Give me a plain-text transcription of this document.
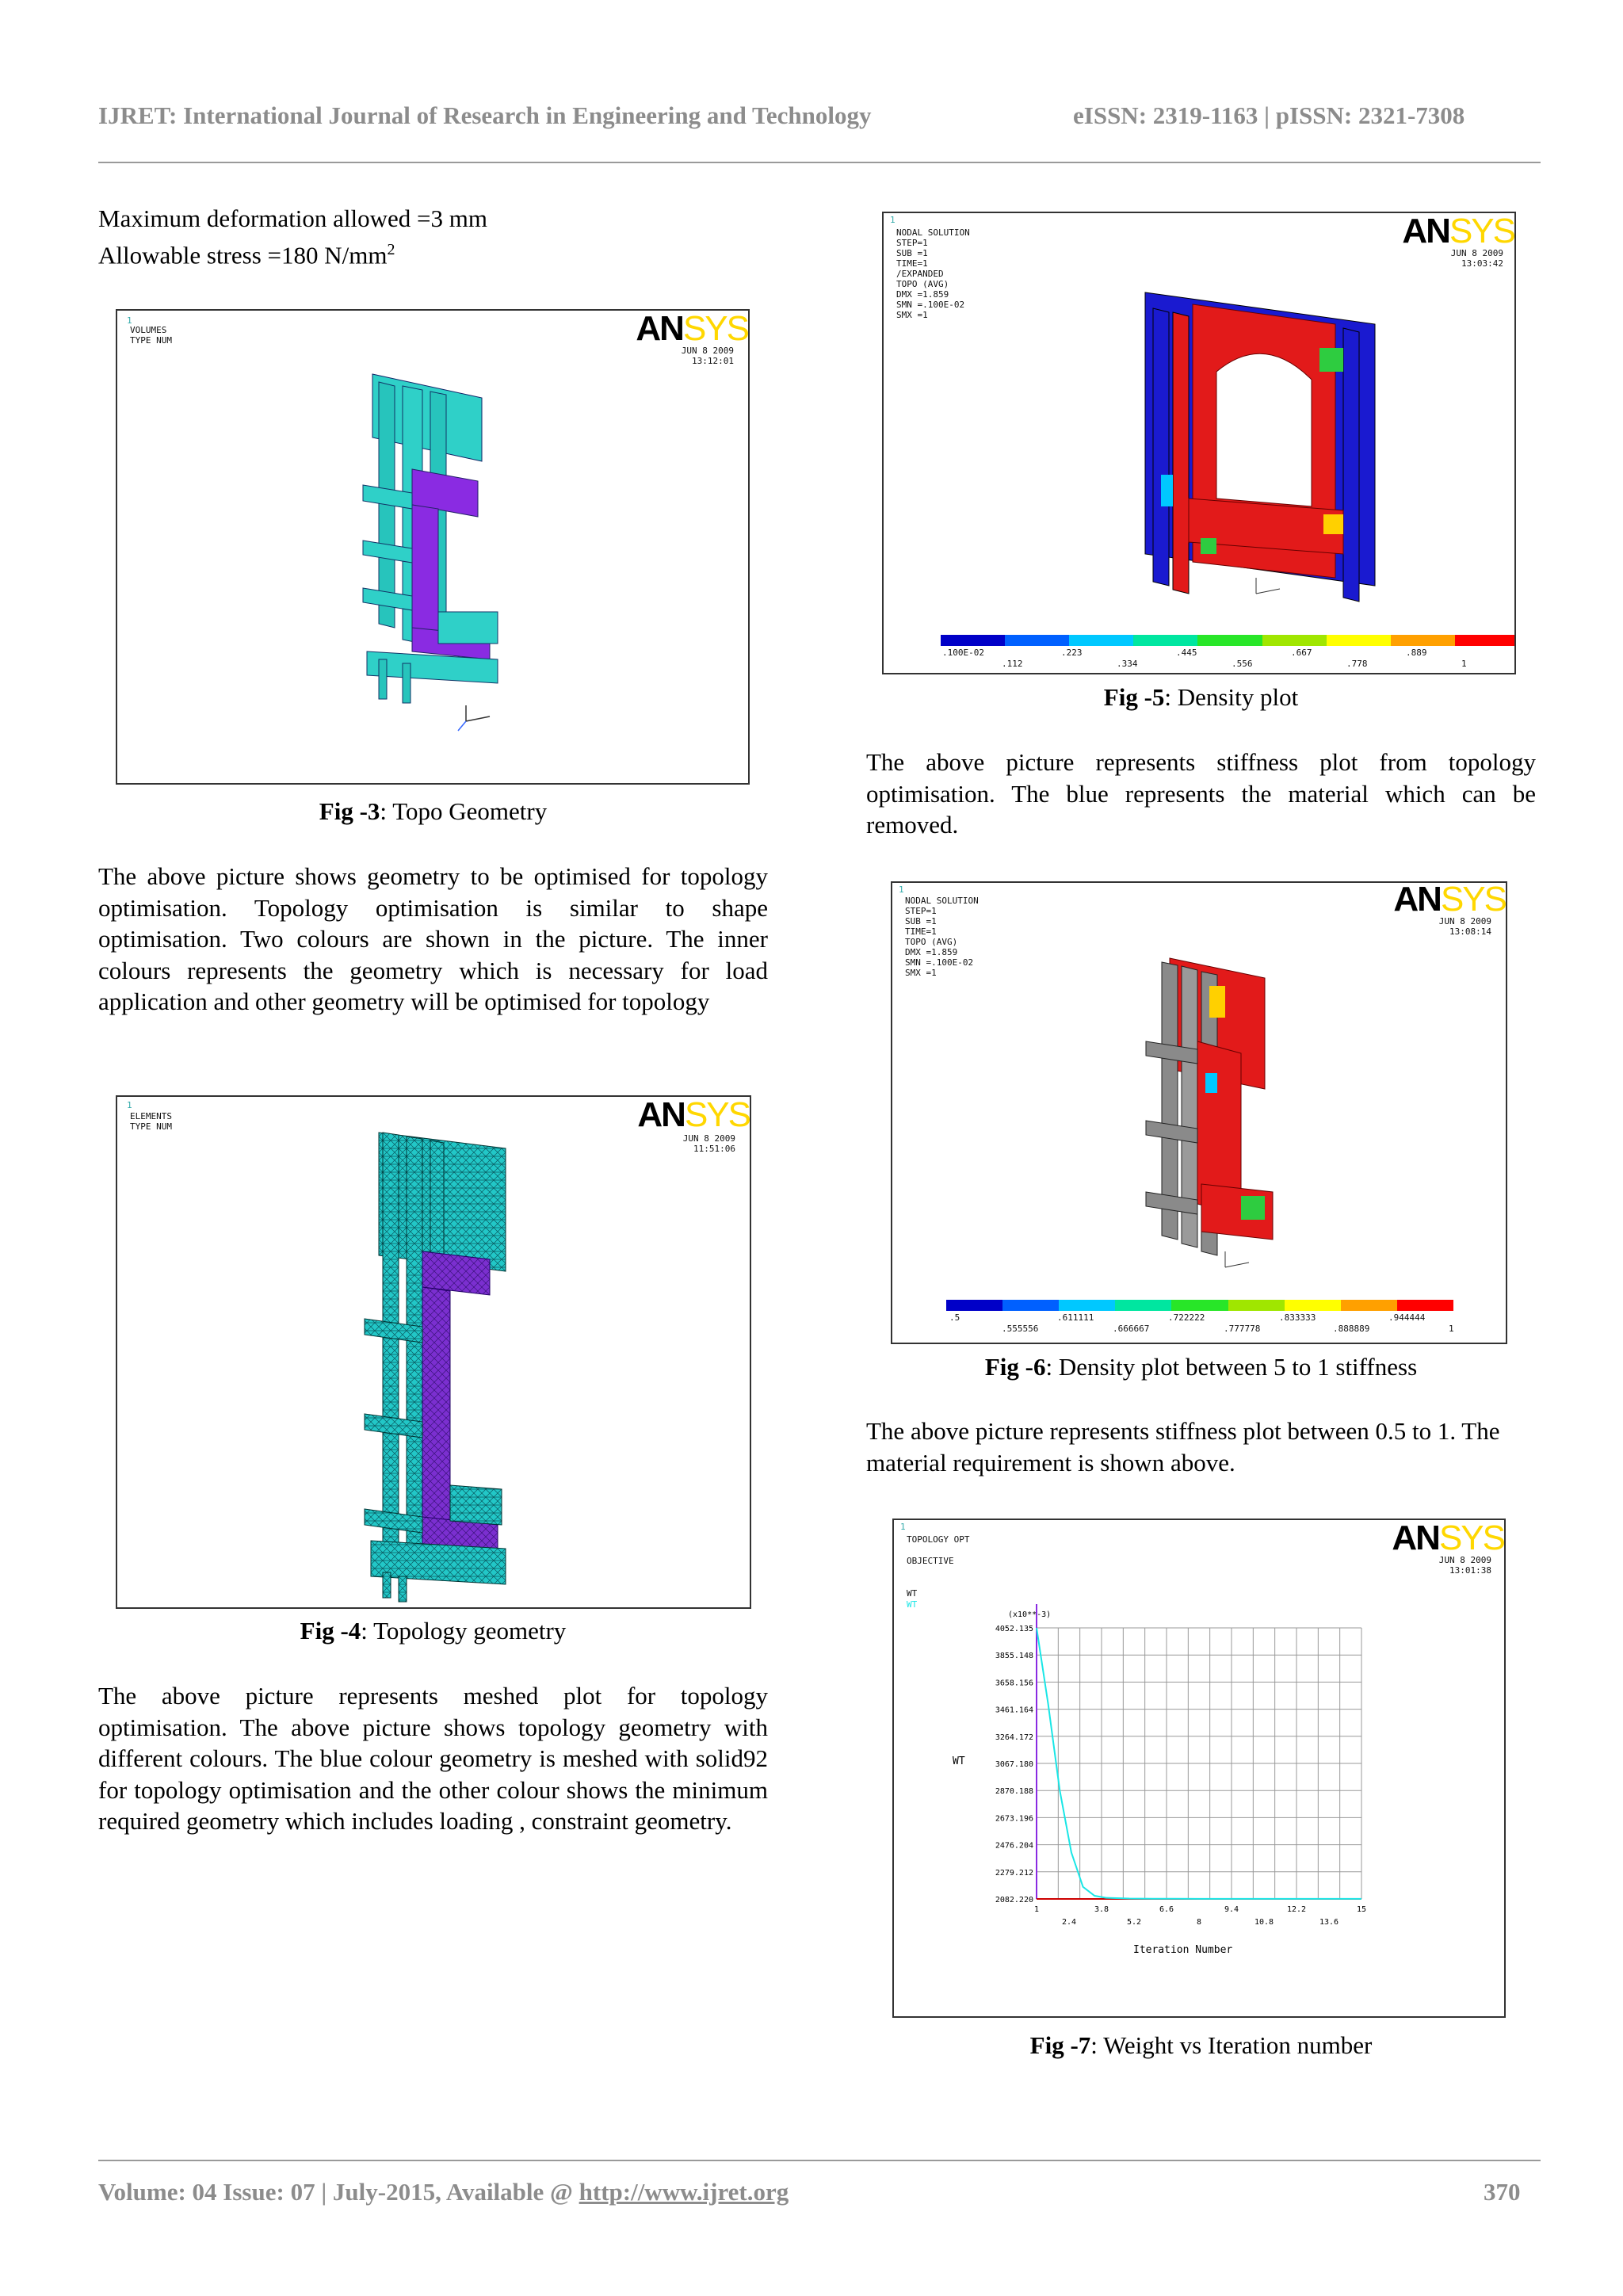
IJRET: International Journal of Research in Engineering and Technology	eISSN: 2319-1163 | pISSN: 2321-7308
Maximum deformation allowed =3 mm
Allowable stress =180 $N/mm^2$
1
VOLUMES
TYPE NUM	ANSYS
JUN 8 2009
13:12:01
Fig -3: Topo Geometry

The above picture shows geometry to be optimised for topology optimisation. Topology optimisation is similar to shape optimisation. Two colours are shown in the picture. The inner colours represents the geometry which is necessary for load application and other geometry will be optimised for topology

1
ELEMENTS
TYPE NUM	ANSYS
JUN 8 2009
11:51:06
Fig -4: Topology geometry

The above picture represents meshed plot for topology optimisation. The above picture shows topology geometry with different colours. The blue colour geometry is meshed with solid92 for topology optimisation and the other colour shows the minimum required geometry which includes loading , constraint geometry.

1
NODAL SOLUTION
STEP=1
SUB =1
TIME=1
/EXPANDED
TOPO (AVG)
DMX =1.859
SMN =.100E-02
SMX =1
ANSYS
JUN 8 2009
13:03:42
.100E-02	.223	.445	.667	.889
.112	.334	.556	.778	1
Fig -5: Density plot

The above picture represents stiffness plot from topology optimisation. The blue represents the material which can be removed.

1
NODAL SOLUTION
STEP=1
SUB =1
TIME=1
TOPO (AVG)
DMX =1.859
SMN =.100E-02
SMX =1
ANSYS
JUN 8 2009
13:08:14
.5	.611111	.722222	.833333	.944444
.555556	.666667	.777778	.888889	1
Fig -6: Density plot between 5 to 1 stiffness

The above picture represents stiffness plot between 0.5 to 1. The material requirement is shown above.

1
TOPOLOGY OPT
OBJECTIVE
WT
WT
ANSYS
JUN 8 2009
13:01:38
(x10**-3)
WT
Iteration Number
4052.135
3855.148
3658.156
3461.164
3264.172
3067.180
2870.188
2673.196
2476.204
2279.212
2082.220
1	3.8	6.6	9.4	12.2	15
2.4	5.2	8	10.8	13.6
Fig -7: Weight vs Iteration number
Volume: 04 Issue: 07 | July-2015, Available @ http://www.ijret.org	370
